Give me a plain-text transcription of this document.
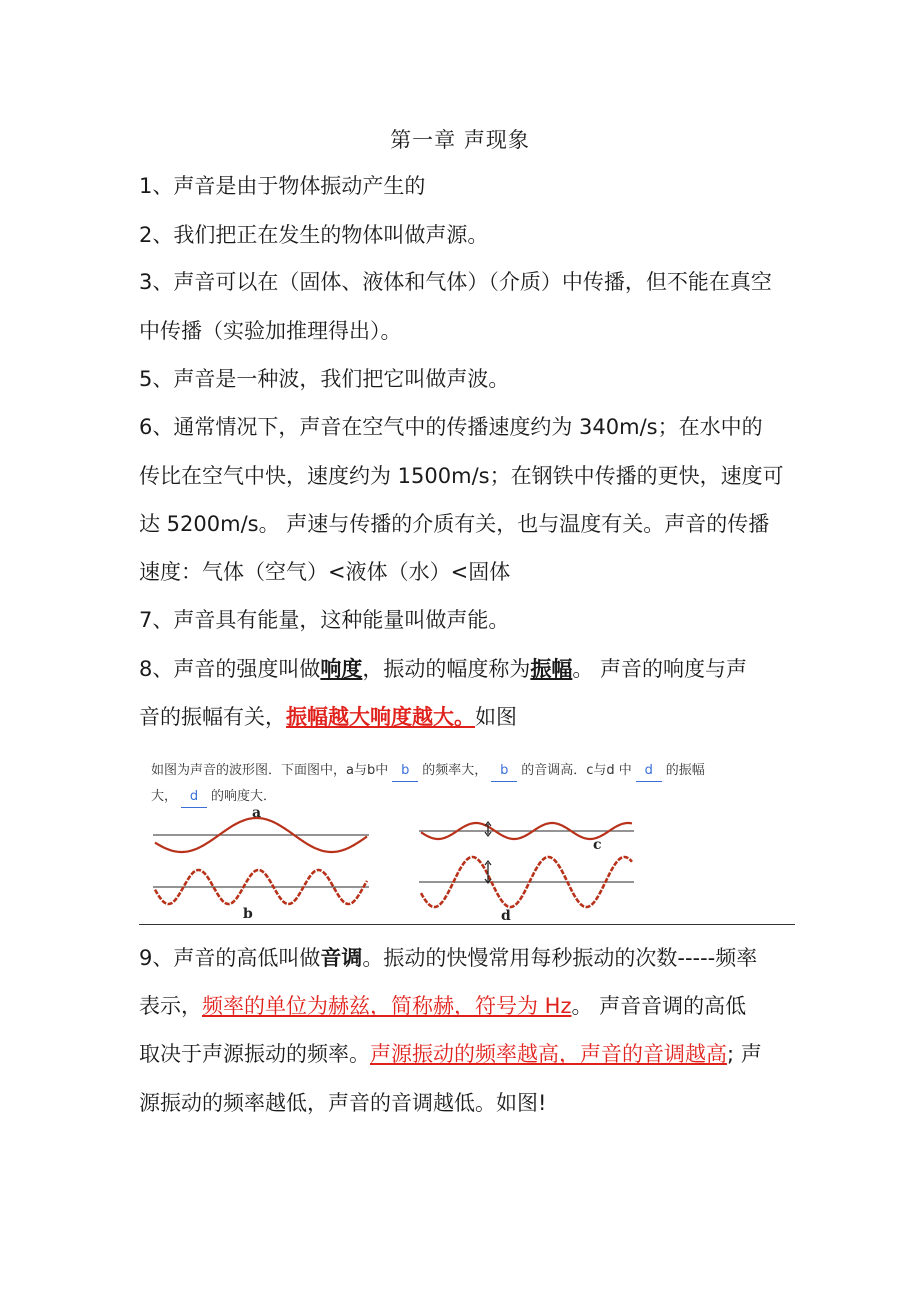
第一章 声现象
1、声音是由于物体振动产生的
2、我们把正在发生的物体叫做声源。
3、声音可以在（固体、液体和气体）（介质）中传播，但不能在真空
中传播（实验加推理得出）。
5、声音是一种波，我们把它叫做声波。
6、通常情况下，声音在空气中的传播速度约为 340m/s；在水中的
传比在空气中快，速度约为 1500m/s；在钢铁中传播的更快，速度可
达 5200m/s。 声速与传播的介质有关，也与温度有关。声音的传播
速度：气体（空气）<液体（水）<固体
7、声音具有能量，这种能量叫做声能。
8、声音的强度叫做响度，振动的幅度称为振幅。 声音的响度与声
音的振幅有关，振幅越大响度越大。如图
如图为声音的波形图．下面图中，a与b中 b 的频率大， b 的音调高．c与d 中 d 的振幅
大， d 的响度大．
a
b
c
d
9、声音的高低叫做音调。振动的快慢常用每秒振动的次数-----频率
表示，频率的单位为赫兹，简称赫，符号为 Hz。 声音音调的高低
取决于声源振动的频率。声源振动的频率越高，声音的音调越高; 声
源振动的频率越低，声音的音调越低。如图!
